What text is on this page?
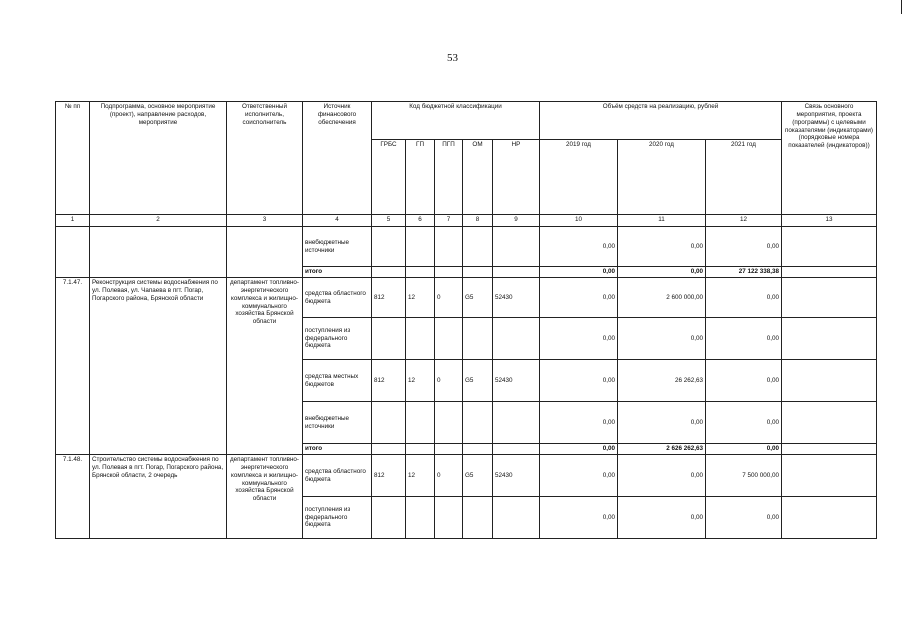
53
№ пп	Подпрограмма, основное мероприятие (проект), направление расходов, мероприятие	Ответственный исполнитель, соисполнитель	Источник финансового обеспечения	Код бюджетной классификации					Объём средств на реализацию, рублей			Связь основного мероприятия, проекта (программы) с целевыми показателями (индикаторами) (порядковые номера показателей (индикаторов))
				ГРБС	ГП	ПГП	ОМ	НР	2019 год	2020 год	2021 год	
1	2	3	4	5	6	7	8	9	10	11	12	13
			внебюджетные источники						0,00	0,00	0,00	
			итого						0,00	0,00	27 122 338,38	
7.1.47.	Реконструкция системы водоснабжения по ул. Полевая, ул. Чапаева в пгт. Погар, Погарского района, Брянской области	департамент топливно-энергетического комплекса и жилищно-коммунального хозяйства Брянской области	средства областного бюджета	812	12	0	G5	52430	0,00	2 600 000,00	0,00	
			поступления из федерального бюджета						0,00	0,00	0,00	
			средства местных бюджетов	812	12	0	G5	52430	0,00	26 262,63	0,00	
			внебюджетные источники						0,00	0,00	0,00	
			итого						0,00	2 626 262,63	0,00	
7.1.48.	Строительство системы водоснабжения по ул. Полевая в пгт. Погар, Погарского района, Брянской области, 2 очередь	департамент топливно-энергетического комплекса и жилищно-коммунального хозяйства Брянской области	средства областного бюджета	812	12	0	G5	52430	0,00	0,00	7 500 000,00	
			поступления из федерального бюджета						0,00	0,00	0,00	
